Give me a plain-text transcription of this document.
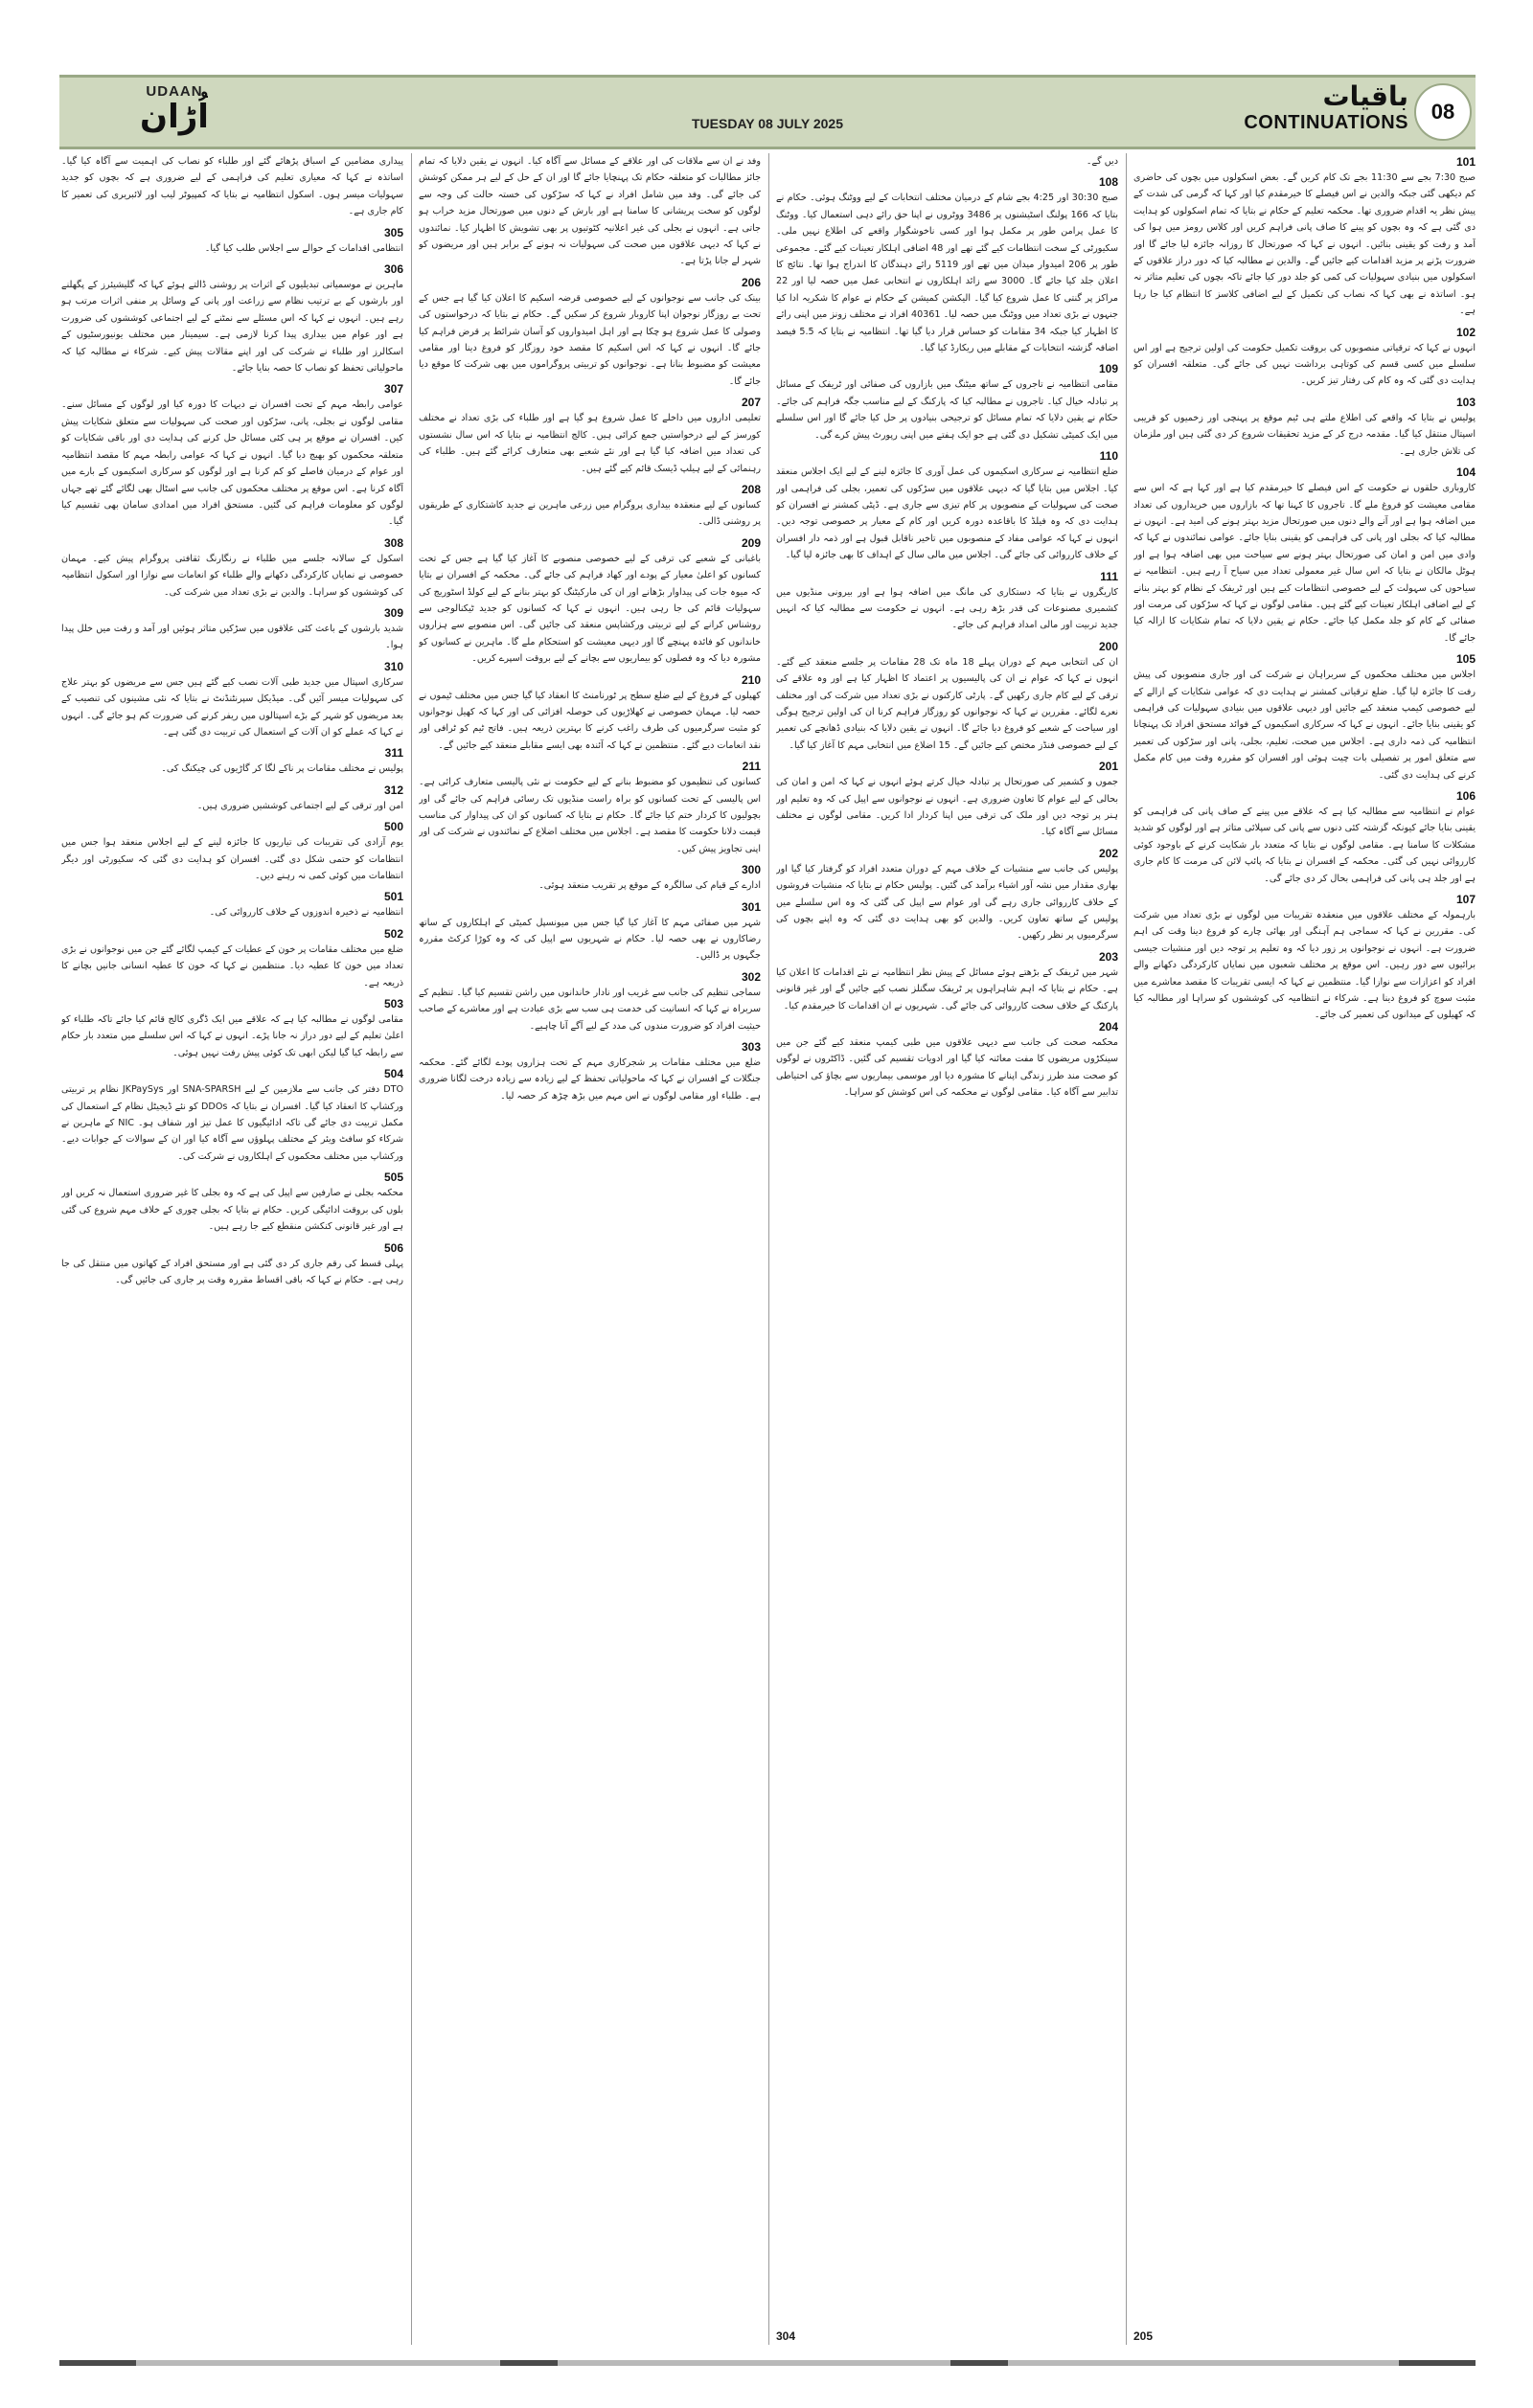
UDAAN
اُڑان	TUESDAY 08 JULY 2025
باقیات
CONTINUATIONS	08
101
صبح 7:30 بجے سے 11:30 بجے تک کام کریں گے۔ بعض اسکولوں میں بچوں کی حاضری کم دیکھی گئی جبکہ والدین نے اس فیصلے کا خیرمقدم کیا اور کہا کہ گرمی کی شدت کے پیش نظر یہ اقدام ضروری تھا۔ محکمہ تعلیم کے حکام نے بتایا کہ تمام اسکولوں کو ہدایت دی گئی ہے کہ وہ بچوں کو پینے کا صاف پانی فراہم کریں اور کلاس رومز میں ہوا کی آمد و رفت کو یقینی بنائیں۔ انہوں نے کہا کہ صورتحال کا روزانہ جائزہ لیا جائے گا اور ضرورت پڑنے پر مزید اقدامات کیے جائیں گے۔ والدین نے مطالبہ کیا کہ دور دراز علاقوں کے اسکولوں میں بنیادی سہولیات کی کمی کو جلد دور کیا جائے تاکہ بچوں کی تعلیم متاثر نہ ہو۔ اساتذہ نے بھی کہا کہ نصاب کی تکمیل کے لیے اضافی کلاسز کا انتظام کیا جا رہا ہے۔
102
انہوں نے کہا کہ ترقیاتی منصوبوں کی بروقت تکمیل حکومت کی اولین ترجیح ہے اور اس سلسلے میں کسی قسم کی کوتاہی برداشت نہیں کی جائے گی۔ متعلقہ افسران کو ہدایت دی گئی کہ وہ کام کی رفتار تیز کریں۔
103
پولیس نے بتایا کہ واقعے کی اطلاع ملتے ہی ٹیم موقع پر پہنچی اور زخمیوں کو قریبی اسپتال منتقل کیا گیا۔ مقدمہ درج کر کے مزید تحقیقات شروع کر دی گئی ہیں اور ملزمان کی تلاش جاری ہے۔
104
کاروباری حلقوں نے حکومت کے اس فیصلے کا خیرمقدم کیا ہے اور کہا ہے کہ اس سے مقامی معیشت کو فروغ ملے گا۔ تاجروں کا کہنا تھا کہ بازاروں میں خریداروں کی تعداد میں اضافہ ہوا ہے اور آنے والے دنوں میں صورتحال مزید بہتر ہونے کی امید ہے۔ انہوں نے مطالبہ کیا کہ بجلی اور پانی کی فراہمی کو یقینی بنایا جائے۔ عوامی نمائندوں نے کہا کہ وادی میں امن و امان کی صورتحال بہتر ہونے سے سیاحت میں بھی اضافہ ہوا ہے اور ہوٹل مالکان نے بتایا کہ اس سال غیر معمولی تعداد میں سیاح آ رہے ہیں۔ انتظامیہ نے سیاحوں کی سہولت کے لیے خصوصی انتظامات کیے ہیں اور ٹریفک کے نظام کو بہتر بنانے کے لیے اضافی اہلکار تعینات کیے گئے ہیں۔ مقامی لوگوں نے کہا کہ سڑکوں کی مرمت اور صفائی کے کام کو جلد مکمل کیا جائے۔ حکام نے یقین دلایا کہ تمام شکایات کا ازالہ کیا جائے گا۔
105
اجلاس میں مختلف محکموں کے سربراہان نے شرکت کی اور جاری منصوبوں کی پیش رفت کا جائزہ لیا گیا۔ ضلع ترقیاتی کمشنر نے ہدایت دی کہ عوامی شکایات کے ازالے کے لیے خصوصی کیمپ منعقد کیے جائیں اور دیہی علاقوں میں بنیادی سہولیات کی فراہمی کو یقینی بنایا جائے۔ انہوں نے کہا کہ سرکاری اسکیموں کے فوائد مستحق افراد تک پہنچانا انتظامیہ کی ذمہ داری ہے۔ اجلاس میں صحت، تعلیم، بجلی، پانی اور سڑکوں کی تعمیر سے متعلق امور پر تفصیلی بات چیت ہوئی اور افسران کو مقررہ وقت میں کام مکمل کرنے کی ہدایت دی گئی۔
106
عوام نے انتظامیہ سے مطالبہ کیا ہے کہ علاقے میں پینے کے صاف پانی کی فراہمی کو یقینی بنایا جائے کیونکہ گزشتہ کئی دنوں سے پانی کی سپلائی متاثر ہے اور لوگوں کو شدید مشکلات کا سامنا ہے۔ مقامی لوگوں نے بتایا کہ متعدد بار شکایت کرنے کے باوجود کوئی کارروائی نہیں کی گئی۔ محکمہ کے افسران نے بتایا کہ پائپ لائن کی مرمت کا کام جاری ہے اور جلد ہی پانی کی فراہمی بحال کر دی جائے گی۔
107
بارہمولہ کے مختلف علاقوں میں منعقدہ تقریبات میں لوگوں نے بڑی تعداد میں شرکت کی۔ مقررین نے کہا کہ سماجی ہم آہنگی اور بھائی چارے کو فروغ دینا وقت کی اہم ضرورت ہے۔ انہوں نے نوجوانوں پر زور دیا کہ وہ تعلیم پر توجہ دیں اور منشیات جیسی برائیوں سے دور رہیں۔ اس موقع پر مختلف شعبوں میں نمایاں کارکردگی دکھانے والے افراد کو اعزازات سے نوازا گیا۔ منتظمین نے کہا کہ ایسی تقریبات کا مقصد معاشرے میں مثبت سوچ کو فروغ دینا ہے۔ شرکاء نے انتظامیہ کی کوششوں کو سراہا اور مطالبہ کیا کہ کھیلوں کے میدانوں کی تعمیر کی جائے۔
205
دیں گے۔
108
صبح 30:30 اور 4:25 بجے شام کے درمیان مختلف انتخابات کے لیے ووٹنگ ہوئی۔ حکام نے بتایا کہ 166 پولنگ اسٹیشنوں پر 3486 ووٹروں نے اپنا حق رائے دہی استعمال کیا۔ ووٹنگ کا عمل پرامن طور پر مکمل ہوا اور کسی ناخوشگوار واقعے کی اطلاع نہیں ملی۔ سکیورٹی کے سخت انتظامات کیے گئے تھے اور 48 اضافی اہلکار تعینات کیے گئے۔ مجموعی طور پر 206 امیدوار میدان میں تھے اور 5119 رائے دہندگان کا اندراج ہوا تھا۔ نتائج کا اعلان جلد کیا جائے گا۔ 3000 سے زائد اہلکاروں نے انتخابی عمل میں حصہ لیا اور 22 مراکز پر گنتی کا عمل شروع کیا گیا۔ الیکشن کمیشن کے حکام نے عوام کا شکریہ ادا کیا جنہوں نے بڑی تعداد میں ووٹنگ میں حصہ لیا۔ 40361 افراد نے مختلف زونز میں اپنی رائے کا اظہار کیا جبکہ 34 مقامات کو حساس قرار دیا گیا تھا۔ انتظامیہ نے بتایا کہ 5.5 فیصد اضافہ گزشتہ انتخابات کے مقابلے میں ریکارڈ کیا گیا۔
109
مقامی انتظامیہ نے تاجروں کے ساتھ میٹنگ میں بازاروں کی صفائی اور ٹریفک کے مسائل پر تبادلہ خیال کیا۔ تاجروں نے مطالبہ کیا کہ پارکنگ کے لیے مناسب جگہ فراہم کی جائے۔ حکام نے یقین دلایا کہ تمام مسائل کو ترجیحی بنیادوں پر حل کیا جائے گا اور اس سلسلے میں ایک کمیٹی تشکیل دی گئی ہے جو ایک ہفتے میں اپنی رپورٹ پیش کرے گی۔
110
ضلع انتظامیہ نے سرکاری اسکیموں کی عمل آوری کا جائزہ لینے کے لیے ایک اجلاس منعقد کیا۔ اجلاس میں بتایا گیا کہ دیہی علاقوں میں سڑکوں کی تعمیر، بجلی کی فراہمی اور صحت کی سہولیات کے منصوبوں پر کام تیزی سے جاری ہے۔ ڈپٹی کمشنر نے افسران کو ہدایت دی کہ وہ فیلڈ کا باقاعدہ دورہ کریں اور کام کے معیار پر خصوصی توجہ دیں۔ انہوں نے کہا کہ عوامی مفاد کے منصوبوں میں تاخیر ناقابل قبول ہے اور ذمہ دار افسران کے خلاف کارروائی کی جائے گی۔ اجلاس میں مالی سال کے اہداف کا بھی جائزہ لیا گیا۔
111
کاریگروں نے بتایا کہ دستکاری کی مانگ میں اضافہ ہوا ہے اور بیرونی منڈیوں میں کشمیری مصنوعات کی قدر بڑھ رہی ہے۔ انہوں نے حکومت سے مطالبہ کیا کہ انہیں جدید تربیت اور مالی امداد فراہم کی جائے۔
200
ان کی انتخابی مہم کے دوران پہلے 18 ماہ تک 28 مقامات پر جلسے منعقد کیے گئے۔ انہوں نے کہا کہ عوام نے ان کی پالیسیوں پر اعتماد کا اظہار کیا ہے اور وہ علاقے کی ترقی کے لیے کام جاری رکھیں گے۔ پارٹی کارکنوں نے بڑی تعداد میں شرکت کی اور مختلف نعرے لگائے۔ مقررین نے کہا کہ نوجوانوں کو روزگار فراہم کرنا ان کی اولین ترجیح ہوگی اور سیاحت کے شعبے کو فروغ دیا جائے گا۔ انہوں نے یقین دلایا کہ بنیادی ڈھانچے کی تعمیر کے لیے خصوصی فنڈز مختص کیے جائیں گے۔ 15 اضلاع میں انتخابی مہم کا آغاز کیا گیا۔
201
جموں و کشمیر کی صورتحال پر تبادلہ خیال کرتے ہوئے انہوں نے کہا کہ امن و امان کی بحالی کے لیے عوام کا تعاون ضروری ہے۔ انہوں نے نوجوانوں سے اپیل کی کہ وہ تعلیم اور ہنر پر توجہ دیں اور ملک کی ترقی میں اپنا کردار ادا کریں۔ مقامی لوگوں نے مختلف مسائل سے آگاہ کیا۔
202
پولیس کی جانب سے منشیات کے خلاف مہم کے دوران متعدد افراد کو گرفتار کیا گیا اور بھاری مقدار میں نشہ آور اشیاء برآمد کی گئیں۔ پولیس حکام نے بتایا کہ منشیات فروشوں کے خلاف کارروائی جاری رہے گی اور عوام سے اپیل کی گئی کہ وہ اس سلسلے میں پولیس کے ساتھ تعاون کریں۔ والدین کو بھی ہدایت دی گئی کہ وہ اپنے بچوں کی سرگرمیوں پر نظر رکھیں۔
203
شہر میں ٹریفک کے بڑھتے ہوئے مسائل کے پیش نظر انتظامیہ نے نئے اقدامات کا اعلان کیا ہے۔ حکام نے بتایا کہ اہم شاہراہوں پر ٹریفک سگنلز نصب کیے جائیں گے اور غیر قانونی پارکنگ کے خلاف سخت کارروائی کی جائے گی۔ شہریوں نے ان اقدامات کا خیرمقدم کیا۔
204
محکمہ صحت کی جانب سے دیہی علاقوں میں طبی کیمپ منعقد کیے گئے جن میں سینکڑوں مریضوں کا مفت معائنہ کیا گیا اور ادویات تقسیم کی گئیں۔ ڈاکٹروں نے لوگوں کو صحت مند طرز زندگی اپنانے کا مشورہ دیا اور موسمی بیماریوں سے بچاؤ کی احتیاطی تدابیر سے آگاہ کیا۔ مقامی لوگوں نے محکمہ کی اس کوشش کو سراہا۔
304
وفد نے ان سے ملاقات کی اور علاقے کے مسائل سے آگاہ کیا۔ انہوں نے یقین دلایا کہ تمام جائز مطالبات کو متعلقہ حکام تک پہنچایا جائے گا اور ان کے حل کے لیے ہر ممکن کوشش کی جائے گی۔ وفد میں شامل افراد نے کہا کہ سڑکوں کی خستہ حالت کی وجہ سے لوگوں کو سخت پریشانی کا سامنا ہے اور بارش کے دنوں میں صورتحال مزید خراب ہو جاتی ہے۔ انہوں نے بجلی کی غیر اعلانیہ کٹوتیوں پر بھی تشویش کا اظہار کیا۔ نمائندوں نے کہا کہ دیہی علاقوں میں صحت کی سہولیات نہ ہونے کے برابر ہیں اور مریضوں کو شہر لے جانا پڑتا ہے۔
206
بینک کی جانب سے نوجوانوں کے لیے خصوصی قرضہ اسکیم کا اعلان کیا گیا ہے جس کے تحت بے روزگار نوجوان اپنا کاروبار شروع کر سکیں گے۔ حکام نے بتایا کہ درخواستوں کی وصولی کا عمل شروع ہو چکا ہے اور اہل امیدواروں کو آسان شرائط پر قرض فراہم کیا جائے گا۔ انہوں نے کہا کہ اس اسکیم کا مقصد خود روزگار کو فروغ دینا اور مقامی معیشت کو مضبوط بنانا ہے۔ نوجوانوں کو تربیتی پروگراموں میں بھی شرکت کا موقع دیا جائے گا۔
207
تعلیمی اداروں میں داخلے کا عمل شروع ہو گیا ہے اور طلباء کی بڑی تعداد نے مختلف کورسز کے لیے درخواستیں جمع کرائی ہیں۔ کالج انتظامیہ نے بتایا کہ اس سال نشستوں کی تعداد میں اضافہ کیا گیا ہے اور نئے شعبے بھی متعارف کرائے گئے ہیں۔ طلباء کی رہنمائی کے لیے ہیلپ ڈیسک قائم کیے گئے ہیں۔
208
کسانوں کے لیے منعقدہ بیداری پروگرام میں زرعی ماہرین نے جدید کاشتکاری کے طریقوں پر روشنی ڈالی۔
209
باغبانی کے شعبے کی ترقی کے لیے خصوصی منصوبے کا آغاز کیا گیا ہے جس کے تحت کسانوں کو اعلیٰ معیار کے پودے اور کھاد فراہم کی جائے گی۔ محکمہ کے افسران نے بتایا کہ میوہ جات کی پیداوار بڑھانے اور ان کی مارکیٹنگ کو بہتر بنانے کے لیے کولڈ اسٹوریج کی سہولیات قائم کی جا رہی ہیں۔ انہوں نے کہا کہ کسانوں کو جدید ٹیکنالوجی سے روشناس کرانے کے لیے تربیتی ورکشاپس منعقد کی جائیں گی۔ اس منصوبے سے ہزاروں خاندانوں کو فائدہ پہنچے گا اور دیہی معیشت کو استحکام ملے گا۔ ماہرین نے کسانوں کو مشورہ دیا کہ وہ فصلوں کو بیماریوں سے بچانے کے لیے بروقت اسپرے کریں۔
210
کھیلوں کے فروغ کے لیے ضلع سطح پر ٹورنامنٹ کا انعقاد کیا گیا جس میں مختلف ٹیموں نے حصہ لیا۔ مہمان خصوصی نے کھلاڑیوں کی حوصلہ افزائی کی اور کہا کہ کھیل نوجوانوں کو مثبت سرگرمیوں کی طرف راغب کرنے کا بہترین ذریعہ ہیں۔ فاتح ٹیم کو ٹرافی اور نقد انعامات دیے گئے۔ منتظمین نے کہا کہ آئندہ بھی ایسے مقابلے منعقد کیے جائیں گے۔
211
کسانوں کی تنظیموں کو مضبوط بنانے کے لیے حکومت نے نئی پالیسی متعارف کرائی ہے۔ اس پالیسی کے تحت کسانوں کو براہ راست منڈیوں تک رسائی فراہم کی جائے گی اور بچولیوں کا کردار ختم کیا جائے گا۔ حکام نے بتایا کہ کسانوں کو ان کی پیداوار کی مناسب قیمت دلانا حکومت کا مقصد ہے۔ اجلاس میں مختلف اضلاع کے نمائندوں نے شرکت کی اور اپنی تجاویز پیش کیں۔
300
ادارے کے قیام کی سالگرہ کے موقع پر تقریب منعقد ہوئی۔
301
شہر میں صفائی مہم کا آغاز کیا گیا جس میں میونسپل کمیٹی کے اہلکاروں کے ساتھ رضاکاروں نے بھی حصہ لیا۔ حکام نے شہریوں سے اپیل کی کہ وہ کوڑا کرکٹ مقررہ جگہوں پر ڈالیں۔
302
سماجی تنظیم کی جانب سے غریب اور نادار خاندانوں میں راشن تقسیم کیا گیا۔ تنظیم کے سربراہ نے کہا کہ انسانیت کی خدمت ہی سب سے بڑی عبادت ہے اور معاشرے کے صاحب حیثیت افراد کو ضرورت مندوں کی مدد کے لیے آگے آنا چاہیے۔
303
ضلع میں مختلف مقامات پر شجرکاری مہم کے تحت ہزاروں پودے لگائے گئے۔ محکمہ جنگلات کے افسران نے کہا کہ ماحولیاتی تحفظ کے لیے زیادہ سے زیادہ درخت لگانا ضروری ہے۔ طلباء اور مقامی لوگوں نے اس مہم میں بڑھ چڑھ کر حصہ لیا۔
پیداری مضامین کے اسباق پڑھائے گئے اور طلباء کو نصاب کی اہمیت سے آگاہ کیا گیا۔ اساتذہ نے کہا کہ معیاری تعلیم کی فراہمی کے لیے ضروری ہے کہ بچوں کو جدید سہولیات میسر ہوں۔ اسکول انتظامیہ نے بتایا کہ کمپیوٹر لیب اور لائبریری کی تعمیر کا کام جاری ہے۔
305
انتظامی اقدامات کے حوالے سے اجلاس طلب کیا گیا۔
306
ماہرین نے موسمیاتی تبدیلیوں کے اثرات پر روشنی ڈالتے ہوئے کہا کہ گلیشیئرز کے پگھلنے اور بارشوں کے بے ترتیب نظام سے زراعت اور پانی کے وسائل پر منفی اثرات مرتب ہو رہے ہیں۔ انہوں نے کہا کہ اس مسئلے سے نمٹنے کے لیے اجتماعی کوششوں کی ضرورت ہے اور عوام میں بیداری پیدا کرنا لازمی ہے۔ سیمینار میں مختلف یونیورسٹیوں کے اسکالرز اور طلباء نے شرکت کی اور اپنے مقالات پیش کیے۔ شرکاء نے مطالبہ کیا کہ ماحولیاتی تحفظ کو نصاب کا حصہ بنایا جائے۔
307
عوامی رابطہ مہم کے تحت افسران نے دیہات کا دورہ کیا اور لوگوں کے مسائل سنے۔ مقامی لوگوں نے بجلی، پانی، سڑکوں اور صحت کی سہولیات سے متعلق شکایات پیش کیں۔ افسران نے موقع پر ہی کئی مسائل حل کرنے کی ہدایت دی اور باقی شکایات کو متعلقہ محکموں کو بھیج دیا گیا۔ انہوں نے کہا کہ عوامی رابطہ مہم کا مقصد انتظامیہ اور عوام کے درمیان فاصلے کو کم کرنا ہے اور لوگوں کو سرکاری اسکیموں کے بارے میں آگاہ کرنا ہے۔ اس موقع پر مختلف محکموں کی جانب سے اسٹال بھی لگائے گئے تھے جہاں لوگوں کو معلومات فراہم کی گئیں۔ مستحق افراد میں امدادی سامان بھی تقسیم کیا گیا۔
308
اسکول کے سالانہ جلسے میں طلباء نے رنگارنگ ثقافتی پروگرام پیش کیے۔ مہمان خصوصی نے نمایاں کارکردگی دکھانے والے طلباء کو انعامات سے نوازا اور اسکول انتظامیہ کی کوششوں کو سراہا۔ والدین نے بڑی تعداد میں شرکت کی۔
309
شدید بارشوں کے باعث کئی علاقوں میں سڑکیں متاثر ہوئیں اور آمد و رفت میں خلل پیدا ہوا۔
310
سرکاری اسپتال میں جدید طبی آلات نصب کیے گئے ہیں جس سے مریضوں کو بہتر علاج کی سہولیات میسر آئیں گی۔ میڈیکل سپرنٹنڈنٹ نے بتایا کہ نئی مشینوں کی تنصیب کے بعد مریضوں کو شہر کے بڑے اسپتالوں میں ریفر کرنے کی ضرورت کم ہو جائے گی۔ انہوں نے کہا کہ عملے کو ان آلات کے استعمال کی تربیت دی گئی ہے۔
311
پولیس نے مختلف مقامات پر ناکے لگا کر گاڑیوں کی چیکنگ کی۔
312
امن اور ترقی کے لیے اجتماعی کوششیں ضروری ہیں۔
500
یوم آزادی کی تقریبات کی تیاریوں کا جائزہ لینے کے لیے اجلاس منعقد ہوا جس میں انتظامات کو حتمی شکل دی گئی۔ افسران کو ہدایت دی گئی کہ سکیورٹی اور دیگر انتظامات میں کوئی کمی نہ رہنے دیں۔
501
انتظامیہ نے ذخیرہ اندوزوں کے خلاف کارروائی کی۔
502
ضلع میں مختلف مقامات پر خون کے عطیات کے کیمپ لگائے گئے جن میں نوجوانوں نے بڑی تعداد میں خون کا عطیہ دیا۔ منتظمین نے کہا کہ خون کا عطیہ انسانی جانیں بچانے کا ذریعہ ہے۔
503
مقامی لوگوں نے مطالبہ کیا ہے کہ علاقے میں ایک ڈگری کالج قائم کیا جائے تاکہ طلباء کو اعلیٰ تعلیم کے لیے دور دراز نہ جانا پڑے۔ انہوں نے کہا کہ اس سلسلے میں متعدد بار حکام سے رابطہ کیا گیا لیکن ابھی تک کوئی پیش رفت نہیں ہوئی۔
504
DTO دفتر کی جانب سے ملازمین کے لیے SNA-SPARSH اور JKPaySys نظام پر تربیتی ورکشاپ کا انعقاد کیا گیا۔ افسران نے بتایا کہ DDOs کو نئے ڈیجیٹل نظام کے استعمال کی مکمل تربیت دی جائے گی تاکہ ادائیگیوں کا عمل تیز اور شفاف ہو۔ NIC کے ماہرین نے شرکاء کو سافٹ ویئر کے مختلف پہلوؤں سے آگاہ کیا اور ان کے سوالات کے جوابات دیے۔ ورکشاپ میں مختلف محکموں کے اہلکاروں نے شرکت کی۔
505
محکمہ بجلی نے صارفین سے اپیل کی ہے کہ وہ بجلی کا غیر ضروری استعمال نہ کریں اور بلوں کی بروقت ادائیگی کریں۔ حکام نے بتایا کہ بجلی چوری کے خلاف مہم شروع کی گئی ہے اور غیر قانونی کنکشن منقطع کیے جا رہے ہیں۔
506
پہلی قسط کی رقم جاری کر دی گئی ہے اور مستحق افراد کے کھاتوں میں منتقل کی جا رہی ہے۔ حکام نے کہا کہ باقی اقساط مقررہ وقت پر جاری کی جائیں گی۔
